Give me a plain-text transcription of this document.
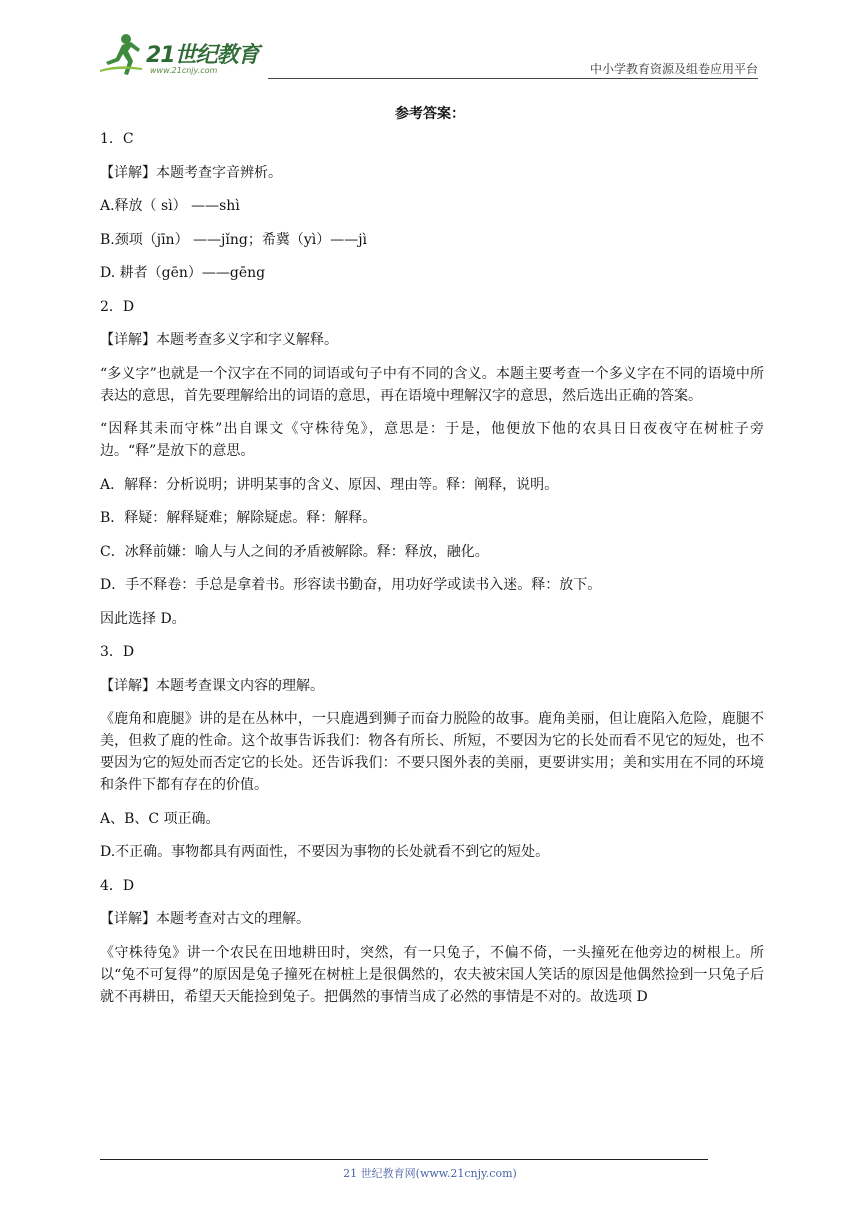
21世纪教育
www.21cnjy.com	中小学教育资源及组卷应用平台
参考答案：

1．C

【详解】本题考查字音辨析。

A.释放（ sì） ——shì

B.颈项（jīn） ——jǐng；希冀（yì）——jì

D. 耕者（gēn）——gēng

2．D

【详解】本题考查多义字和字义解释。

“多义字”也就是一个汉字在不同的词语或句子中有不同的含义。本题主要考查一个多义字在不同的语境中所表达的意思，首先要理解给出的词语的意思，再在语境中理解汉字的意思，然后选出正确的答案。

“因释其耒而守株”出自课文《守株待兔》，意思是：于是，他便放下他的农具日日夜夜守在树桩子旁边。“释”是放下的意思。

A．解释：分析说明；讲明某事的含义、原因、理由等。释：阐释，说明。

B．释疑：解释疑难；解除疑虑。释：解释。

C．冰释前嫌：喻人与人之间的矛盾被解除。释：释放，融化。

D．手不释卷：手总是拿着书。形容读书勤奋，用功好学或读书入迷。释：放下。

因此选择 D。

3．D

【详解】本题考查课文内容的理解。

《鹿角和鹿腿》讲的是在丛林中，一只鹿遇到狮子而奋力脱险的故事。鹿角美丽，但让鹿陷入危险，鹿腿不美，但救了鹿的性命。这个故事告诉我们：物各有所长、所短，不要因为它的长处而看不见它的短处，也不要因为它的短处而否定它的长处。还告诉我们：不要只图外表的美丽，更要讲实用；美和实用在不同的环境和条件下都有存在的价值。

A、B、C 项正确。

D.不正确。事物都具有两面性，不要因为事物的长处就看不到它的短处。

4．D

【详解】本题考查对古文的理解。

《守株待兔》讲一个农民在田地耕田时，突然，有一只兔子，不偏不倚，一头撞死在他旁边的树根上。所以“兔不可复得”的原因是兔子撞死在树桩上是很偶然的，农夫被宋国人笑话的原因是他偶然捡到一只兔子后就不再耕田，希望天天能捡到兔子。把偶然的事情当成了必然的事情是不对的。故选项 D

21 世纪教育网(www.21cnjy.com)
